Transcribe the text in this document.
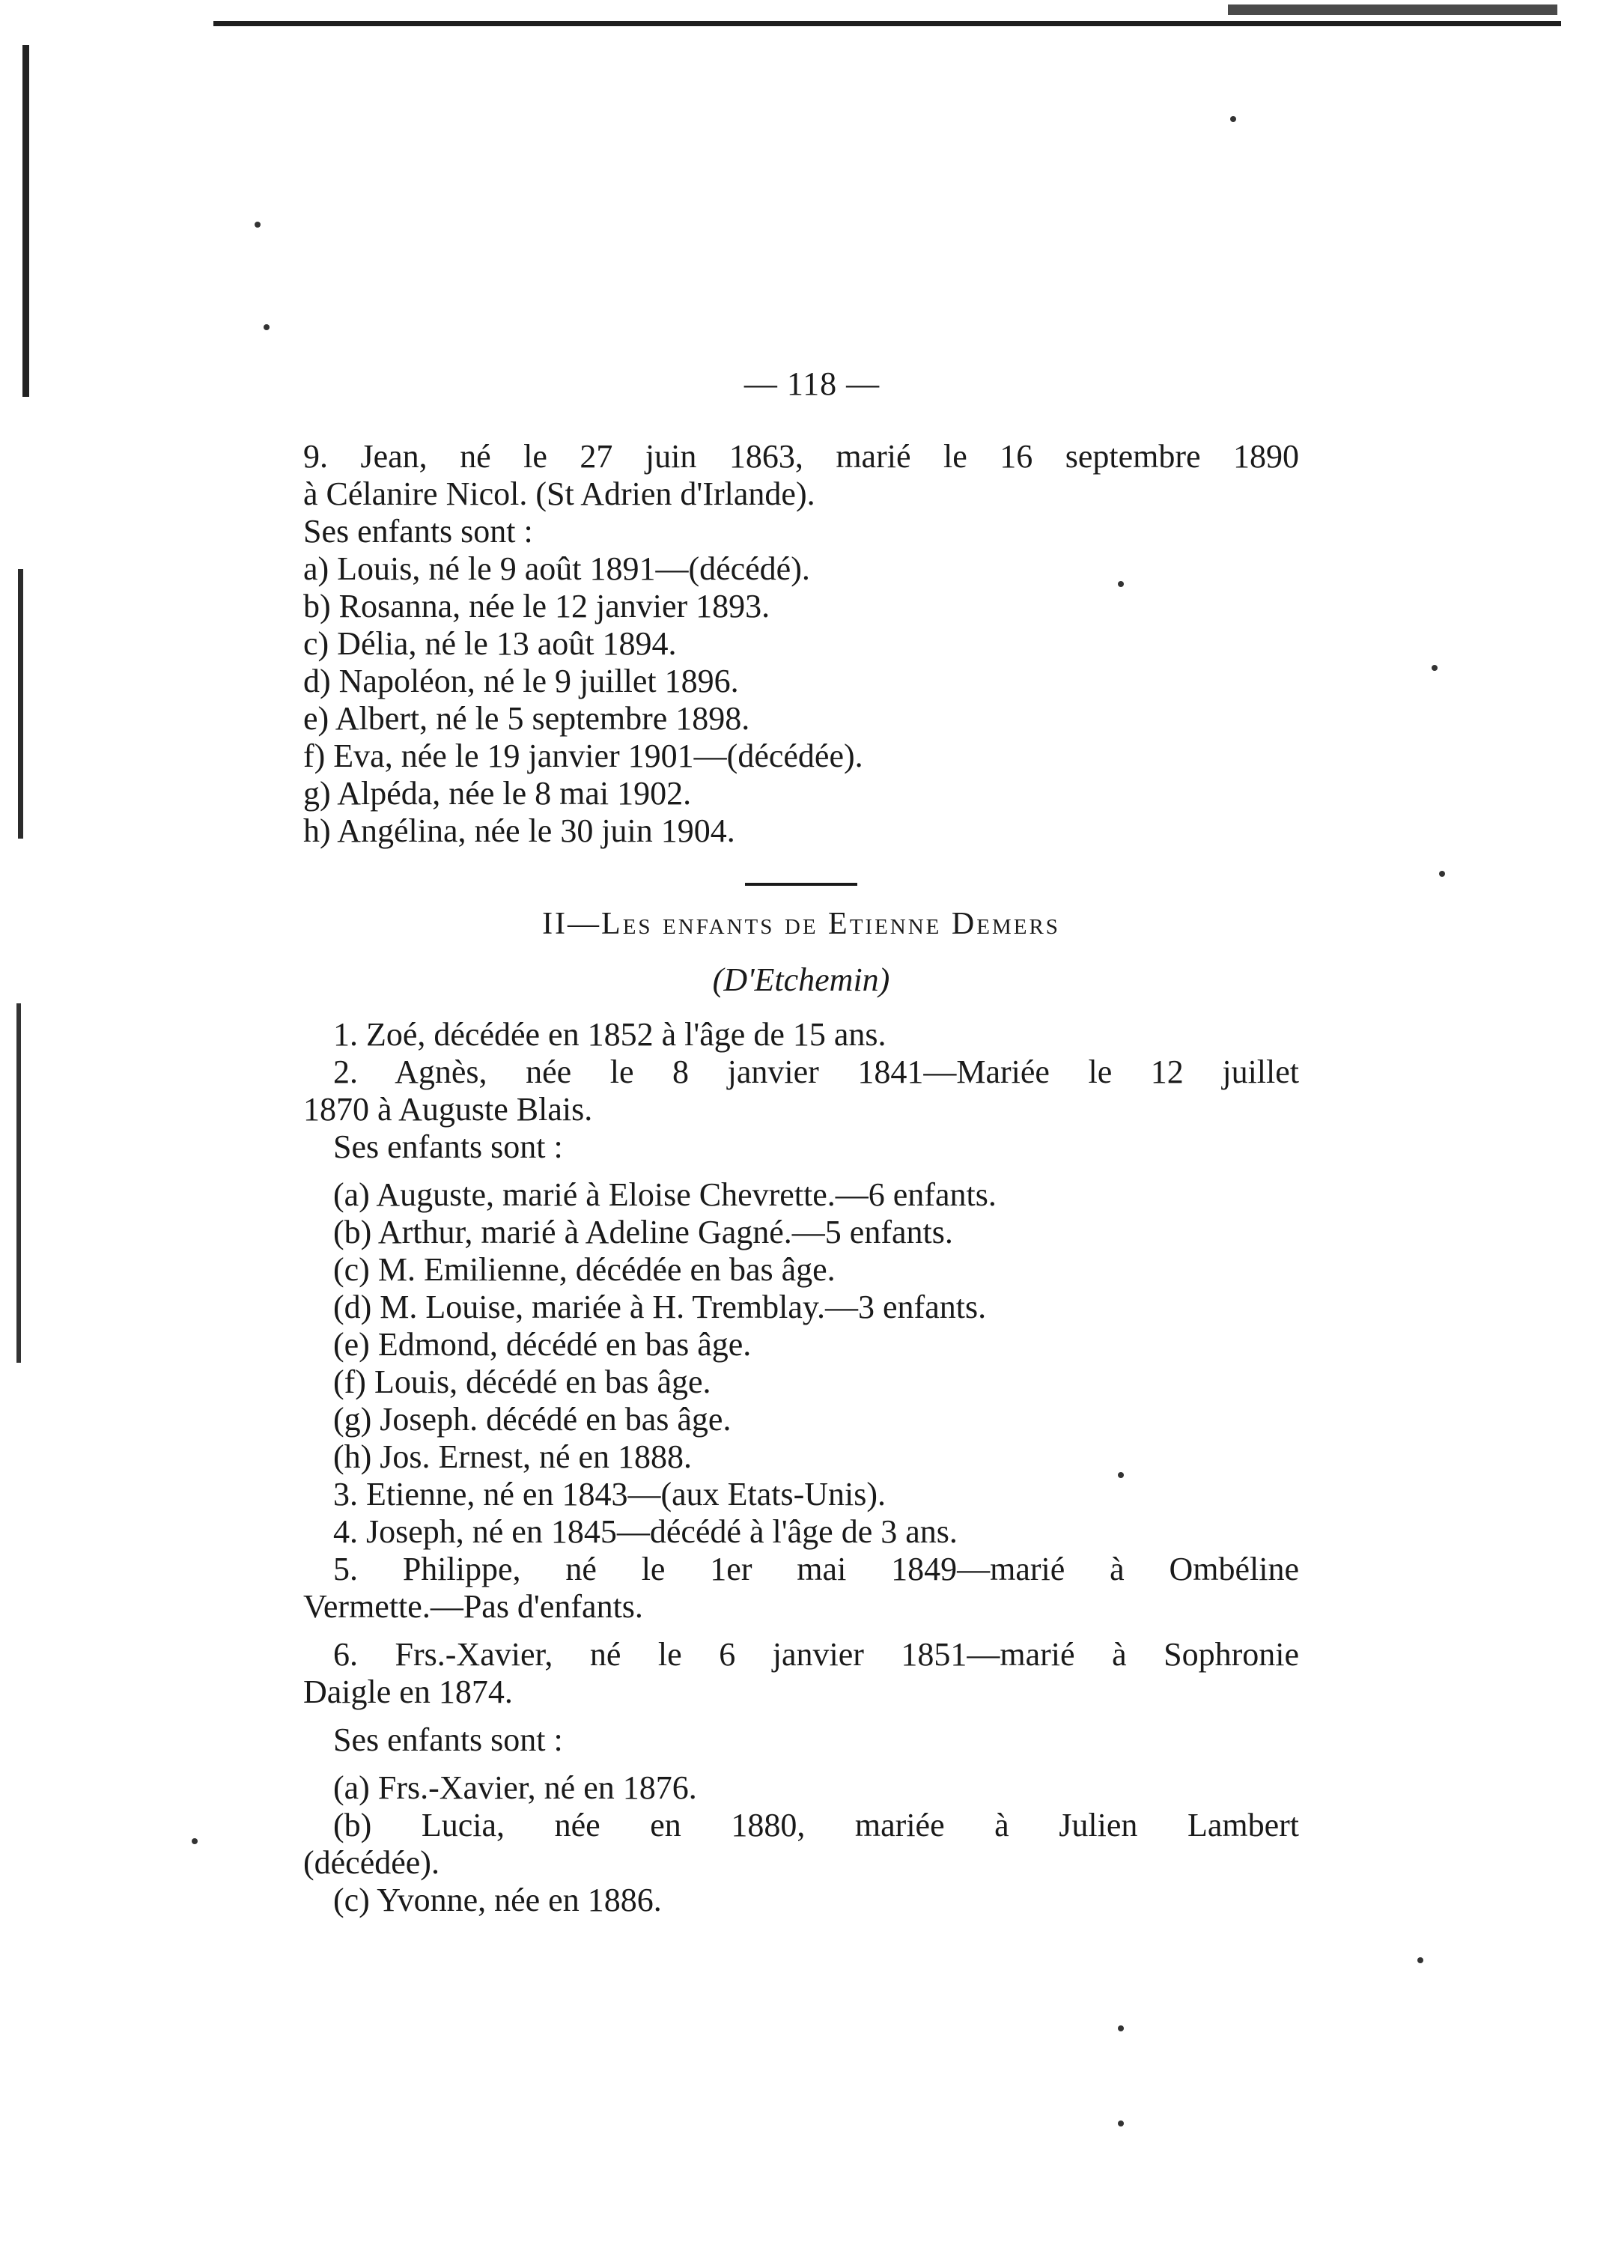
— 118 —
9. Jean, né le 27 juin 1863, marié le 16 septembre 1890
à Célanire Nicol. (St Adrien d'Irlande).
Ses enfants sont :
a) Louis, né le 9 août 1891—(décédé).
b) Rosanna, née le 12 janvier 1893.
c) Délia, né le 13 août 1894.
d) Napoléon, né le 9 juillet 1896.
e) Albert, né le 5 septembre 1898.
f) Eva, née le 19 janvier 1901—(décédée).
g) Alpéda, née le 8 mai 1902.
h) Angélina, née le 30 juin 1904.
II—Les enfants de Etienne Demers
(D'Etchemin)
1. Zoé, décédée en 1852 à l'âge de 15 ans.
2. Agnès, née le 8 janvier 1841—Mariée le 12 juillet
1870 à Auguste Blais.
Ses enfants sont :
(a) Auguste, marié à Eloise Chevrette.—6 enfants.
(b) Arthur, marié à Adeline Gagné.—5 enfants.
(c) M. Emilienne, décédée en bas âge.
(d) M. Louise, mariée à H. Tremblay.—3 enfants.
(e) Edmond, décédé en bas âge.
(f) Louis, décédé en bas âge.
(g) Joseph. décédé en bas âge.
(h) Jos. Ernest, né en 1888.
3. Etienne, né en 1843—(aux Etats-Unis).
4. Joseph, né en 1845—décédé à l'âge de 3 ans.
5. Philippe, né le 1er mai 1849—marié à Ombéline
Vermette.—Pas d'enfants.
6. Frs.-Xavier, né le 6 janvier 1851—marié à Sophronie
Daigle en 1874.
Ses enfants sont :
(a) Frs.-Xavier, né en 1876.
(b) Lucia, née en 1880, mariée à Julien Lambert
(décédée).
(c) Yvonne, née en 1886.
